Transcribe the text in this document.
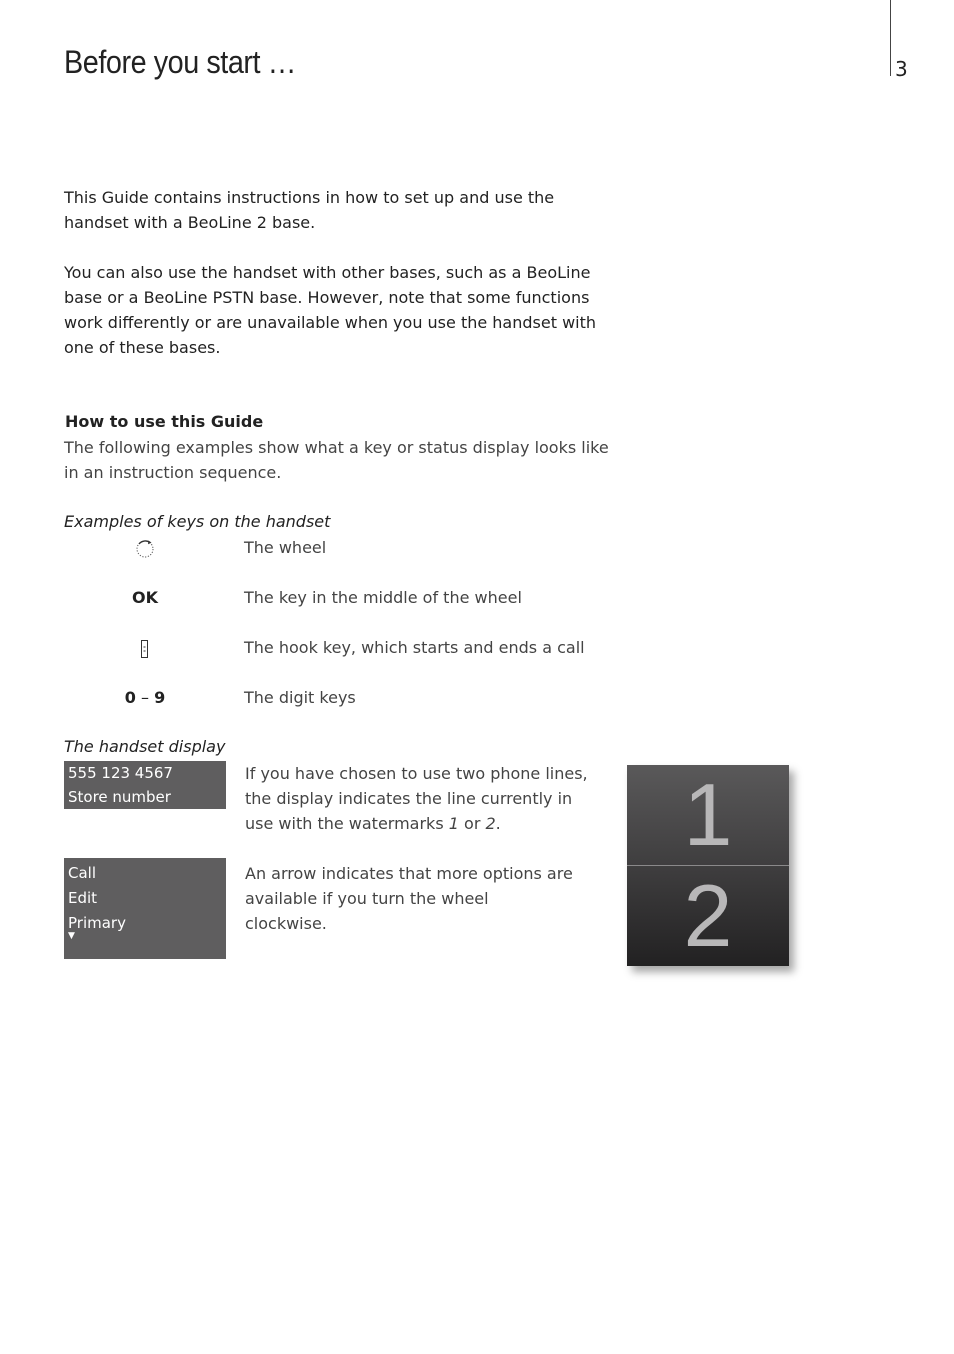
Before you start …	3
This Guide contains instructions in how to set up and use the handset with a BeoLine 2 base.
You can also use the handset with other bases, such as a BeoLine base or a BeoLine PSTN base. However, note that some functions work differently or are unavailable when you use the handset with one of these bases.
How to use this Guide
The following examples show what a key or status display looks like in an instruction sequence.
Examples of keys on the handset
The wheel
OK	The key in the middle of the wheel
The hook key, which starts and ends a call
0 – 9	The digit keys
The handset display
555 123 4567
Store number
If you have chosen to use two phone lines, the display indicates the line currently in use with the watermarks 1 or 2.
Call
Edit
Primary
▼
An arrow indicates that more options are available if you turn the wheel clockwise.
1
2
